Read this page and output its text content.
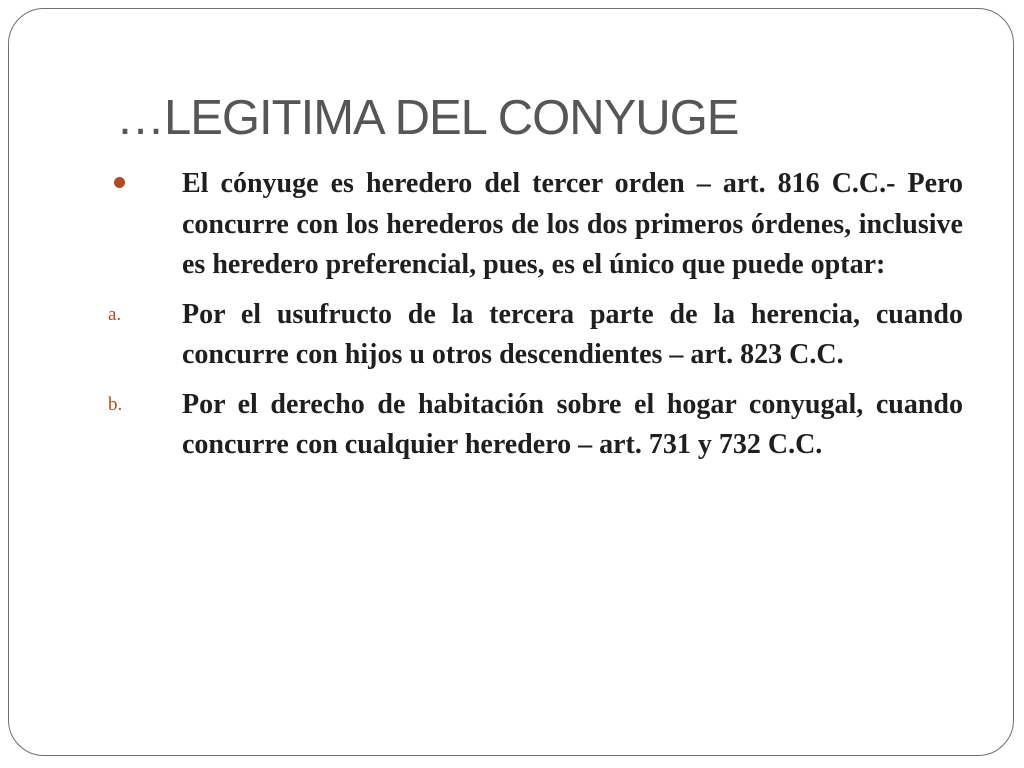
…LEGITIMA DEL CONYUGE
El cónyuge es heredero del tercer orden – art. 816 C.C.- Pero concurre con los herederos de los dos primeros órdenes, inclusive es heredero preferencial, pues, es el único que puede optar:
a. Por el usufructo de la tercera parte de la herencia, cuando concurre con hijos u otros descendientes – art. 823 C.C.
b. Por el derecho de habitación sobre el hogar conyugal, cuando concurre con cualquier heredero – art. 731 y 732 C.C.
